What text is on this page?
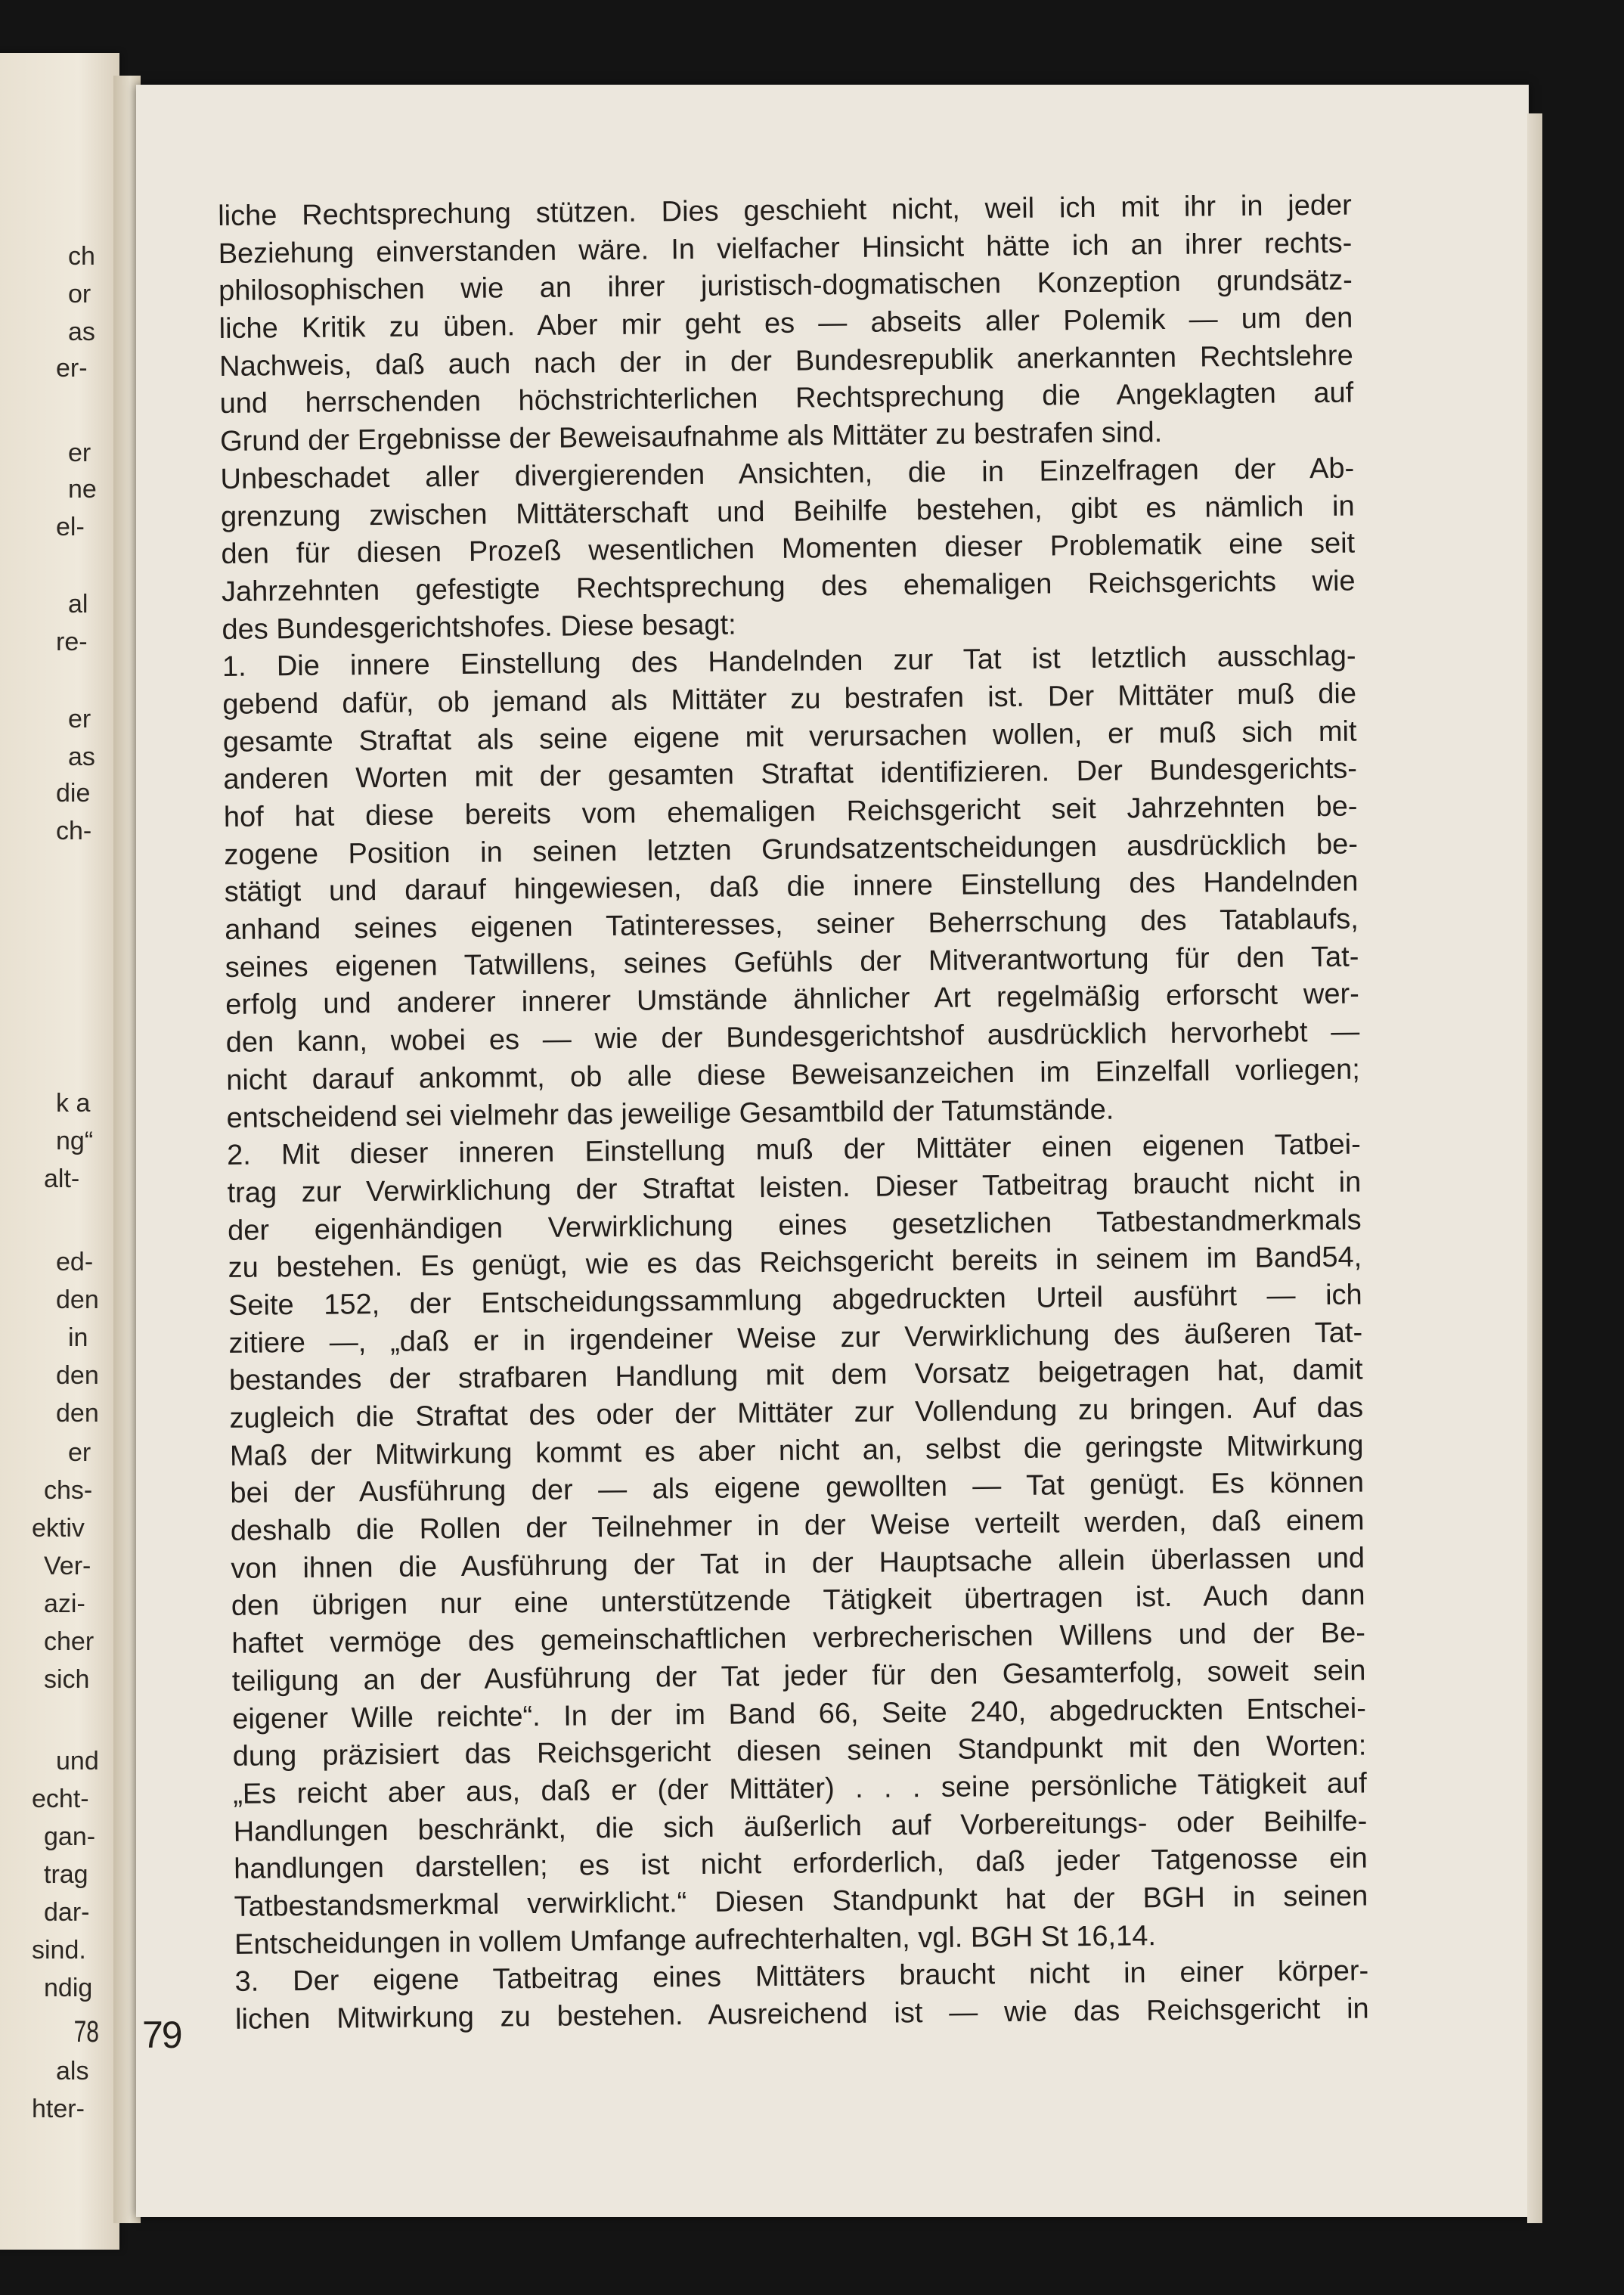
ch
or
as
er-
er
ne
el-
al
re-
er
as
die
ch-
k a
ng“
alt-
ed-
den
in
den
den
er
chs-
ektiv
Ver-
azi-
cher
sich
und
echt-
gan-
trag
dar-
sind.
ndig
als
hter-
78 79
liche Rechtsprechung stützen. Dies geschieht nicht, weil ich mit ihr in jeder
Beziehung einverstanden wäre. In vielfacher Hinsicht hätte ich an ihrer rechts-
philosophischen wie an ihrer juristisch-dogmatischen Konzeption grundsätz-
liche Kritik zu üben. Aber mir geht es — abseits aller Polemik — um den
Nachweis, daß auch nach der in der Bundesrepublik anerkannten Rechtslehre
und herrschenden höchstrichterlichen Rechtsprechung die Angeklagten auf
Grund der Ergebnisse der Beweisaufnahme als Mittäter zu bestrafen sind.
Unbeschadet aller divergierenden Ansichten, die in Einzelfragen der Ab-
grenzung zwischen Mittäterschaft und Beihilfe bestehen, gibt es nämlich in
den für diesen Prozeß wesentlichen Momenten dieser Problematik eine seit
Jahrzehnten gefestigte Rechtsprechung des ehemaligen Reichsgerichts wie
des Bundesgerichtshofes. Diese besagt:
1. Die innere Einstellung des Handelnden zur Tat ist letztlich ausschlag-
gebend dafür, ob jemand als Mittäter zu bestrafen ist. Der Mittäter muß die
gesamte Straftat als seine eigene mit verursachen wollen, er muß sich mit
anderen Worten mit der gesamten Straftat identifizieren. Der Bundesgerichts-
hof hat diese bereits vom ehemaligen Reichsgericht seit Jahrzehnten be-
zogene Position in seinen letzten Grundsatzentscheidungen ausdrücklich be-
stätigt und darauf hingewiesen, daß die innere Einstellung des Handelnden
anhand seines eigenen Tatinteresses, seiner Beherrschung des Tatablaufs,
seines eigenen Tatwillens, seines Gefühls der Mitverantwortung für den Tat-
erfolg und anderer innerer Umstände ähnlicher Art regelmäßig erforscht wer-
den kann, wobei es — wie der Bundesgerichtshof ausdrücklich hervorhebt —
nicht darauf ankommt, ob alle diese Beweisanzeichen im Einzelfall vorliegen;
entscheidend sei vielmehr das jeweilige Gesamtbild der Tatumstände.
2. Mit dieser inneren Einstellung muß der Mittäter einen eigenen Tatbei-
trag zur Verwirklichung der Straftat leisten. Dieser Tatbeitrag braucht nicht in
der eigenhändigen Verwirklichung eines gesetzlichen Tatbestandmerkmals
zu bestehen. Es genügt, wie es das Reichsgericht bereits in seinem im Band54,
Seite 152, der Entscheidungssammlung abgedruckten Urteil ausführt — ich
zitiere —, „daß er in irgendeiner Weise zur Verwirklichung des äußeren Tat-
bestandes der strafbaren Handlung mit dem Vorsatz beigetragen hat, damit
zugleich die Straftat des oder der Mittäter zur Vollendung zu bringen. Auf das
Maß der Mitwirkung kommt es aber nicht an, selbst die geringste Mitwirkung
bei der Ausführung der — als eigene gewollten — Tat genügt. Es können
deshalb die Rollen der Teilnehmer in der Weise verteilt werden, daß einem
von ihnen die Ausführung der Tat in der Hauptsache allein überlassen und
den übrigen nur eine unterstützende Tätigkeit übertragen ist. Auch dann
haftet vermöge des gemeinschaftlichen verbrecherischen Willens und der Be-
teiligung an der Ausführung der Tat jeder für den Gesamterfolg, soweit sein
eigener Wille reichte“. In der im Band 66, Seite 240, abgedruckten Entschei-
dung präzisiert das Reichsgericht diesen seinen Standpunkt mit den Worten:
„Es reicht aber aus, daß er (der Mittäter) . . . seine persönliche Tätigkeit auf
Handlungen beschränkt, die sich äußerlich auf Vorbereitungs- oder Beihilfe-
handlungen darstellen; es ist nicht erforderlich, daß jeder Tatgenosse ein
Tatbestandsmerkmal verwirklicht.“ Diesen Standpunkt hat der BGH in seinen
Entscheidungen in vollem Umfange aufrechterhalten, vgl. BGH St 16,14.
3. Der eigene Tatbeitrag eines Mittäters braucht nicht in einer körper-
lichen Mitwirkung zu bestehen. Ausreichend ist — wie das Reichsgericht in
